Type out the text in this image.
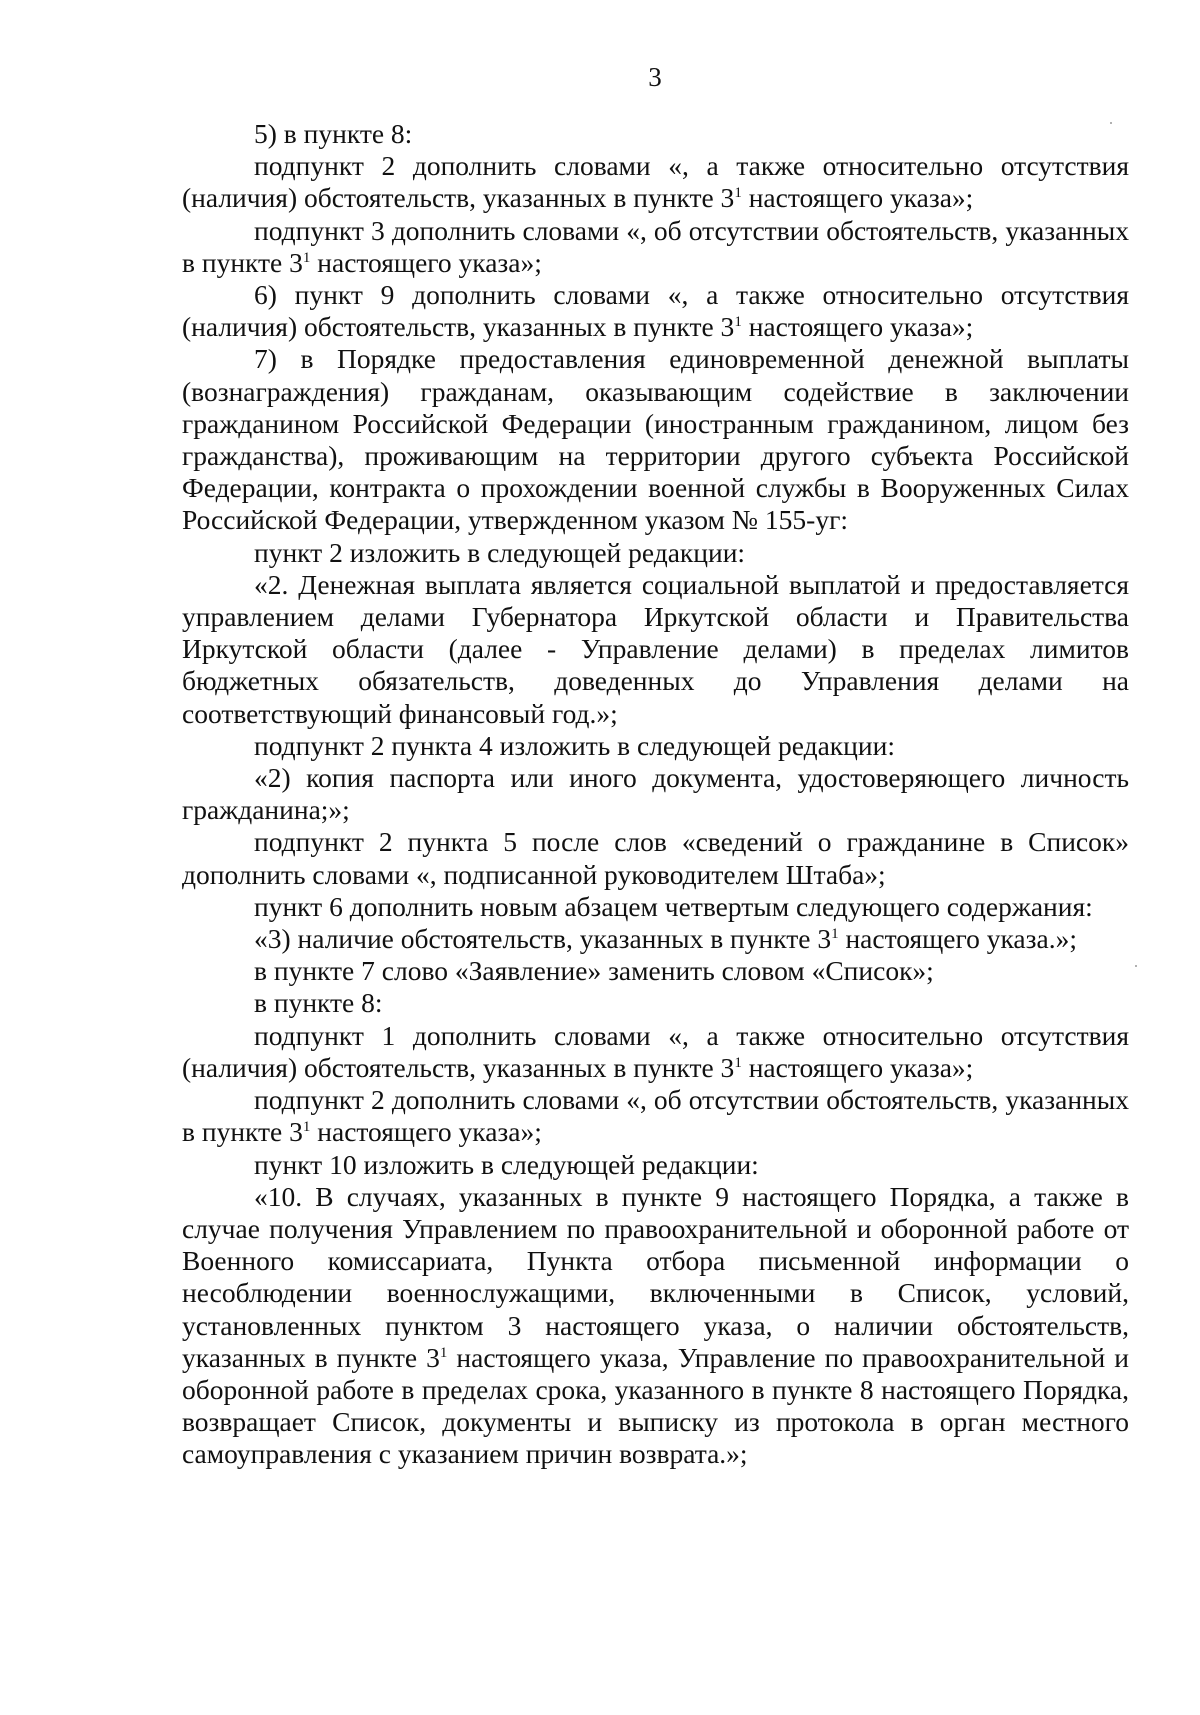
3

5) в пункте 8:

подпункт 2 дополнить словами «, а также относительно отсутствия (наличия) обстоятельств, указанных в пункте $3^1$ настоящего указа»;

подпункт 3 дополнить словами «, об отсутствии обстоятельств, указанных в пункте $3^1$ настоящего указа»;

6) пункт 9 дополнить словами «, а также относительно отсутствия (наличия) обстоятельств, указанных в пункте $3^1$ настоящего указа»;

7) в Порядке предоставления единовременной денежной выплаты (вознаграждения) гражданам, оказывающим содействие в заключении гражданином Российской Федерации (иностранным гражданином, лицом без гражданства), проживающим на территории другого субъекта Российской Федерации, контракта о прохождении военной службы в Вооруженных Силах Российской Федерации, утвержденном указом № 155-уг:

пункт 2 изложить в следующей редакции:

«2. Денежная выплата является социальной выплатой и предоставляется управлением делами Губернатора Иркутской области и Правительства Иркутской области (далее - Управление делами) в пределах лимитов бюджетных обязательств, доведенных до Управления делами на соответствующий финансовый год.»;

подпункт 2 пункта 4 изложить в следующей редакции:

«2) копия паспорта или иного документа, удостоверяющего личность гражданина;»;

подпункт 2 пункта 5 после слов «сведений о гражданине в Список» дополнить словами «, подписанной руководителем Штаба»;

пункт 6 дополнить новым абзацем четвертым следующего содержания:

«3) наличие обстоятельств, указанных в пункте $3^1$ настоящего указа.»;

в пункте 7 слово «Заявление» заменить словом «Список»;

в пункте 8:

подпункт 1 дополнить словами «, а также относительно отсутствия (наличия) обстоятельств, указанных в пункте $3^1$ настоящего указа»;

подпункт 2 дополнить словами «, об отсутствии обстоятельств, указанных в пункте $3^1$ настоящего указа»;

пункт 10 изложить в следующей редакции:

«10. В случаях, указанных в пункте 9 настоящего Порядка, а также в случае получения Управлением по правоохранительной и оборонной работе от Военного комиссариата, Пункта отбора письменной информации о несоблюдении военнослужащими, включенными в Список, условий, установленных пунктом 3 настоящего указа, о наличии обстоятельств, указанных в пункте $3^1$ настоящего указа, Управление по правоохранительной и оборонной работе в пределах срока, указанного в пункте 8 настоящего Порядка, возвращает Список, документы и выписку из протокола в орган местного самоуправления с указанием причин возврата.»;
